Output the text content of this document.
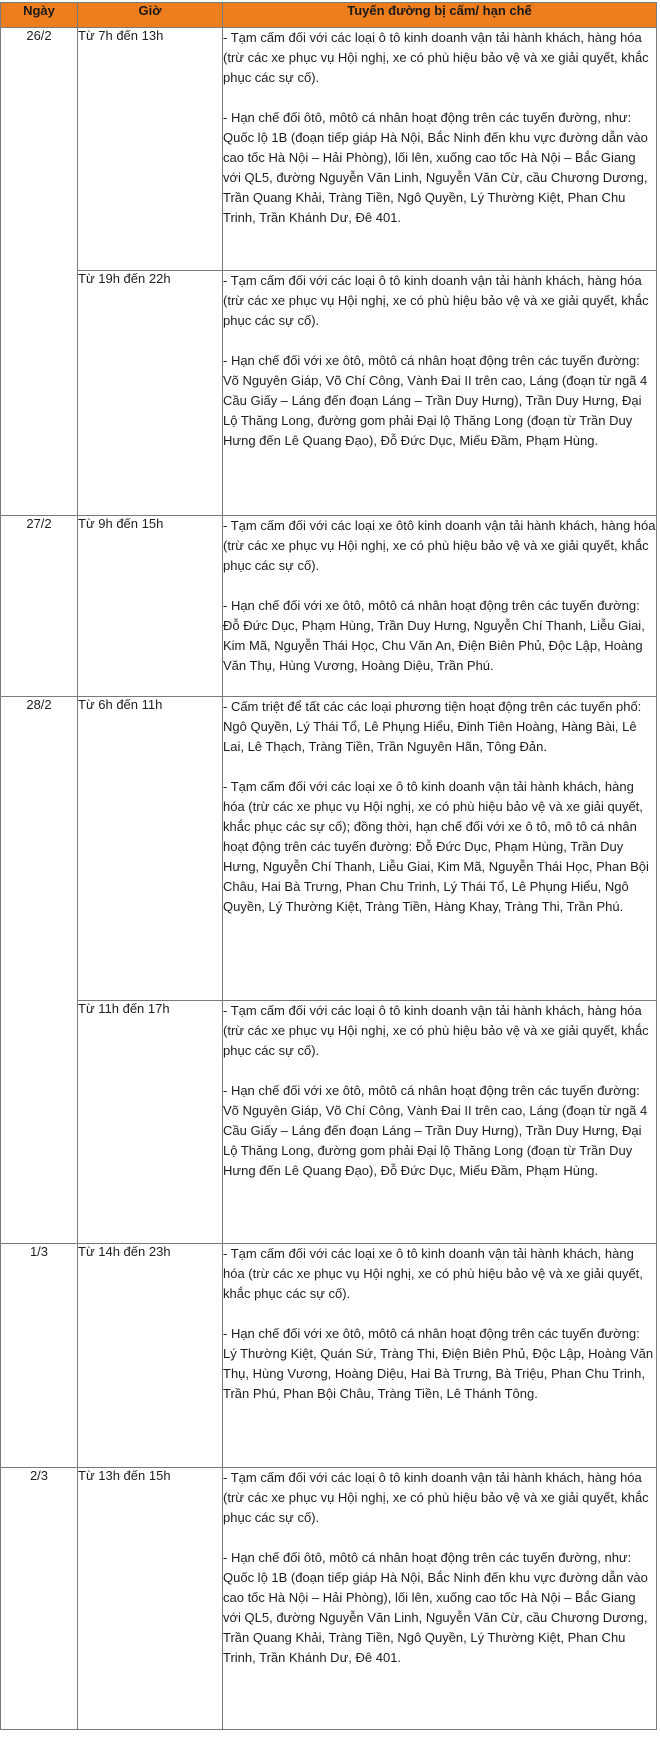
Ngày	Giờ	Tuyến đường bị cấm/ hạn chế
26/2	Từ 7h đến 13h	- Tạm cấm đối với các loại ô tô kinh doanh vận tải hành khách, hàng hóa (trừ các xe phục vụ Hội nghị, xe có phù hiệu bảo vệ và xe giải quyết, khắc phục các sự cố).

- Hạn chế đối ôtô, môtô cá nhân hoạt động trên các tuyến đường, như: Quốc lộ 1B (đoạn tiếp giáp Hà Nội, Bắc Ninh đến khu vực đường dẫn vào cao tốc Hà Nội – Hải Phòng), lối lên, xuống cao tốc Hà Nội – Bắc Giang với QL5, đường Nguyễn Văn Linh, Nguyễn Văn Cừ, cầu Chương Dương, Trần Quang Khải, Tràng Tiền, Ngô Quyền, Lý Thường Kiệt, Phan Chu Trinh, Trần Khánh Dư, Đê 401.

	Từ 19h đến 22h	- Tạm cấm đối với các loại ô tô kinh doanh vận tải hành khách, hàng hóa (trừ các xe phục vụ Hội nghị, xe có phù hiệu bảo vệ và xe giải quyết, khắc phục các sự cố).

- Hạn chế đối với xe ôtô, môtô cá nhân hoạt động trên các tuyến đường: Võ Nguyên Giáp, Võ Chí Công, Vành Đai II trên cao, Láng (đoạn từ ngã 4 Cầu Giấy – Láng đến đoạn Láng – Trần Duy Hưng), Trần Duy Hưng, Đại Lộ Thăng Long, đường gom phải Đại lộ Thăng Long (đoạn từ Trần Duy Hưng đến Lê Quang Đạo), Đỗ Đức Dục, Miếu Đầm, Phạm Hùng.

27/2	Từ 9h đến 15h	- Tạm cấm đối với các loại xe ôtô kinh doanh vận tải hành khách, hàng hóa (trừ các xe phục vụ Hội nghị, xe có phù hiệu bảo vệ và xe giải quyết, khắc phục các sự cố).

- Hạn chế đối với xe ôtô, môtô cá nhân hoạt động trên các tuyến đường: Đỗ Đức Dục, Phạm Hùng, Trần Duy Hưng, Nguyễn Chí Thanh, Liễu Giai, Kim Mã, Nguyễn Thái Học, Chu Văn An, Điện Biên Phủ, Độc Lập, Hoàng Văn Thụ, Hùng Vương, Hoàng Diệu, Trần Phú.

28/2	Từ 6h đến 11h	- Cấm triệt để tất các các loại phương tiện hoạt động trên các tuyến phố: Ngô Quyền, Lý Thái Tổ, Lê Phụng Hiểu, Đinh Tiên Hoàng, Hàng Bài, Lê Lai, Lê Thạch, Tràng Tiền, Trần Nguyên Hãn, Tông Đản.

- Tạm cấm đối với các loại xe ô tô kinh doanh vận tải hành khách, hàng hóa (trừ các xe phục vụ Hội nghị, xe có phù hiệu bảo vệ và xe giải quyết, khắc phục các sự cố); đồng thời, hạn chế đối với xe ô tô, mô tô cá nhân hoạt động trên các tuyến đường: Đỗ Đức Dục, Phạm Hùng, Trần Duy Hưng, Nguyễn Chí Thanh, Liễu Giai, Kim Mã, Nguyễn Thái Học, Phan Bội Châu, Hai Bà Trưng, Phan Chu Trinh, Lý Thái Tổ, Lê Phụng Hiểu, Ngô Quyền, Lý Thường Kiệt, Tràng Tiền, Hàng Khay, Tràng Thi, Trần Phú.

	Từ 11h đến 17h	- Tạm cấm đối với các loại ô tô kinh doanh vận tải hành khách, hàng hóa (trừ các xe phục vụ Hội nghị, xe có phù hiệu bảo vệ và xe giải quyết, khắc phục các sự cố).

- Hạn chế đối với xe ôtô, môtô cá nhân hoạt động trên các tuyến đường: Võ Nguyên Giáp, Võ Chí Công, Vành Đai II trên cao, Láng (đoạn từ ngã 4 Cầu Giấy – Láng đến đoạn Láng – Trần Duy Hưng), Trần Duy Hưng, Đại Lộ Thăng Long, đường gom phải Đại lộ Thăng Long (đoạn từ Trần Duy Hưng đến Lê Quang Đạo), Đỗ Đức Dục, Miếu Đầm, Phạm Hùng.

1/3	Từ 14h đến 23h	- Tạm cấm đối với các loại xe ô tô kinh doanh vận tải hành khách, hàng hóa (trừ các xe phục vụ Hội nghị, xe có phù hiệu bảo vệ và xe giải quyết, khắc phục các sự cố).

- Hạn chế đối với xe ôtô, môtô cá nhân hoạt động trên các tuyến đường: Lý Thường Kiệt, Quán Sứ, Tràng Thi, Điện Biên Phủ, Độc Lập, Hoàng Văn Thụ, Hùng Vương, Hoàng Diệu, Hai Bà Trưng, Bà Triệu, Phan Chu Trinh, Trần Phú, Phan Bội Châu, Tràng Tiền, Lê Thánh Tông.

2/3	Từ 13h đến 15h	- Tạm cấm đối với các loại ô tô kinh doanh vận tải hành khách, hàng hóa (trừ các xe phục vụ Hội nghị, xe có phù hiệu bảo vệ và xe giải quyết, khắc phục các sự cố).

- Hạn chế đối ôtô, môtô cá nhân hoạt động trên các tuyến đường, như: Quốc lộ 1B (đoạn tiếp giáp Hà Nội, Bắc Ninh đến khu vực đường dẫn vào cao tốc Hà Nội – Hải Phòng), lối lên, xuống cao tốc Hà Nội – Bắc Giang với QL5, đường Nguyễn Văn Linh, Nguyễn Văn Cừ, cầu Chương Dương, Trần Quang Khải, Tràng Tiền, Ngô Quyền, Lý Thường Kiệt, Phan Chu Trinh, Trần Khánh Dư, Đê 401.
